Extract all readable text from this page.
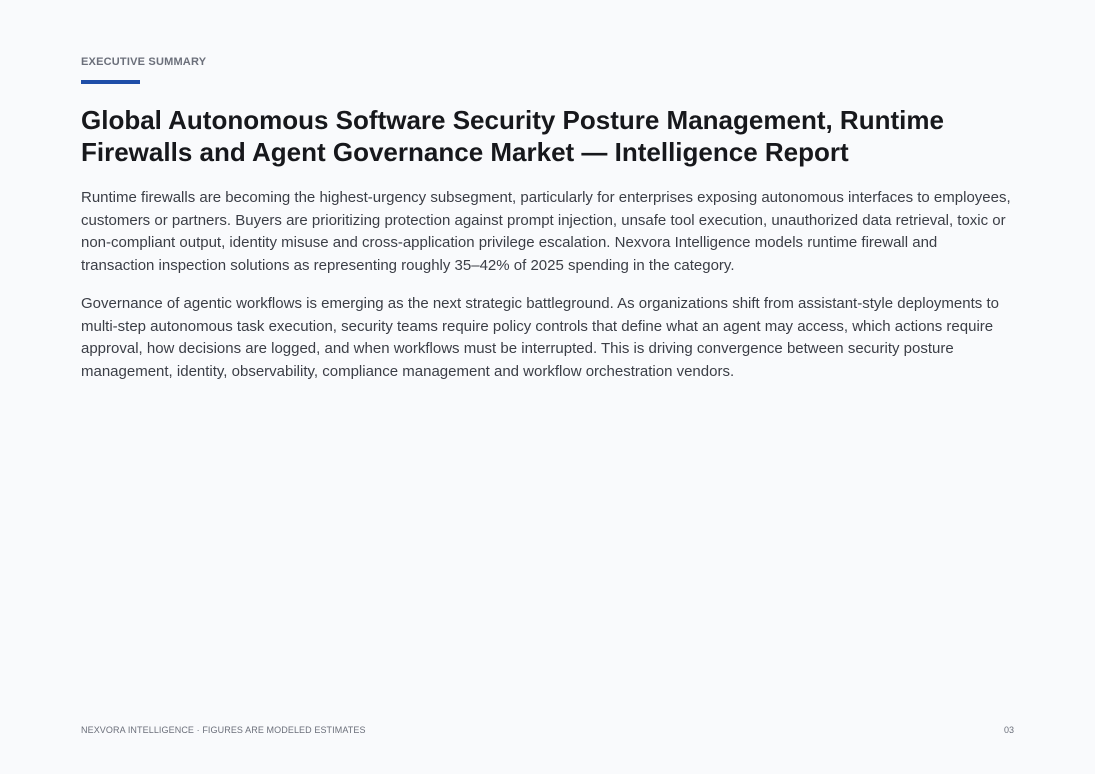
EXECUTIVE SUMMARY
Global Autonomous Software Security Posture Management, Runtime Firewalls and Agent Governance Market — Intelligence Report

Runtime firewalls are becoming the highest-urgency subsegment, particularly for enterprises exposing autonomous interfaces to employees, customers or partners. Buyers are prioritizing protection against prompt injection, unsafe tool execution, unauthorized data retrieval, toxic or non-compliant output, identity misuse and cross-application privilege escalation. Nexvora Intelligence models runtime firewall and transaction inspection solutions as representing roughly 35–42% of 2025 spending in the category.

Governance of agentic workflows is emerging as the next strategic battleground. As organizations shift from assistant-style deployments to multi-step autonomous task execution, security teams require policy controls that define what an agent may access, which actions require approval, how decisions are logged, and when workflows must be interrupted. This is driving convergence between security posture management, identity, observability, compliance management and workflow orchestration vendors.

NEXVORA INTELLIGENCE · FIGURES ARE MODELED ESTIMATES	03
